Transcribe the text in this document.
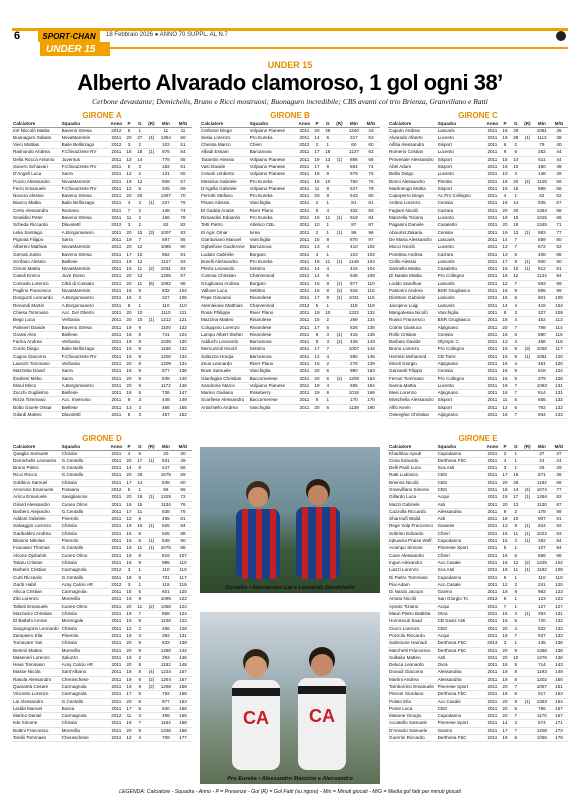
6	SPORT·CHAN	18 Febbraio 2026 ● ANNO 70 SUPPL. AL N.7
UNDER 15
UNDER 15
Alberto Alvarado clamoroso, 1 gol ogni 38’
Cerbone devastante; Demichelis, Bruno e Ricci mostruosi; Buonaguro incredibile; CBS avanti col trio Brienza, Granvillano e Ratti
GIRONE A
Calciatore	Squadra	Anno	P	G	(R)	Min	M/G
Iori Niccolò Mattia	Baveno Stresa	2012	5	1		11	11
Buonaguro Sabato	NovaMarentin	2011	20	27	(4)	1354	50
Vieci Mattias	Baile Bellinzago	2012	3	2		102	51
Raimondo Andrea	F.Chivazzese RV	2011	18	18	(1)	975	54
Della Rocca Antonio	Juventus	2011	13	14		778	55
Sacero Schiavari	F.Chivazzese RV	2011	5	3		182	61
D'Angeli Luca	Sarra	2011	12	2		131	65
Puzzo Alessandro	NovaMarentin	2011	19	12		808	67
Ferro Emanuele	F.Chivazzese RV	2011	12	5		345	69
Nocera Alessio	Baveno Stresa	2011	20	20		1397	70
Bianco Mattia	Baile Bellinzago	2011	4	3	(1)	227	76
Certo Alessandro	Romano	2011	7	2		148	74
Smaldini Peter	Baveno Stresa	2011	11	2		156	78
Scheda Riccardo	Dlavolettl	2012	3	2		82	82
Leka Santiago	A.Borgomanero	2011	20	15	(3)	1007	83
Pignata Filippo	Sarra	2011	19	7		597	85
Albertini Mathias	NovaMarentin	2011	20	12		1085	90
Gemati Justin	Baveno Stresa	2011	17	10		952	91
Scrifano Alessio	Biellese	2011	19	12		1127	93
Citroni Mattia	NovaMarentin	2011	18	11	(2)	1031	93
Casali Enrico	Juve Domo	2011	20	13		1265	97
Conrado Lorenzo	Città di Cossato	2011	20	11	(6)	1082	98
Paglino Francesco	NovaMarentin	2011	18	8		832	104
Donguzzi Leonardo	A.Borgomanero	2011	15	3		327	105
Renandi Martin	A.Borgomanero	2011	8	1		110	110
Chiesa Tommaso	Acc. Del Oberto	2011	20	10		1110	111
Bego Luca	Verbania	2011	20	10	(1)	1212	121
Palmieri Davide	Baveno Stresa	2011	19	9		1100	122
Grassi Alex	Biellese	2011	18	6		741	124
Farina Andrea	Verbania	2011	19	8		1036	130
Cordo Diego	Baile Bellinzago	2011	18	9		1166	132
Cagna Giacomo	F.Chivazzese RV	2011	19	9		1200	134
Lavezzi Tommaso	Verbania	2011	20	8		1209	134
Mazzetta David	Sarra	2011	18	5		677	135
Ibrahimi Mirko	Sarra	2011	20	8		838	140
Misul Mirco	A.Borgomanero	2011	20	8		1172	146
Zocchi Guglielmo	Biellese	2011	18	5		736	147
Rizza Tommaso	Acc. Inverunio	2011	8	3		448	149
Botto Gioele Ossar	Biellese	2011	13	3		466	155
Gilardi Matteo	Dlavolettl	2011	8	3		457	152
GIRONE B
Calciatore	Squadra	Anno	P	G	(R)	Min	M/G
Cerbone Diego	Volpiano Pianese	2011	20	29		1240	43
Sesia Lorenzo	Pro Eureka	2011	14	6		317	53
Chessa Marco	Chieri	2012	2	1		60	60
Alliadi Essam	Barcanova	2011	17	18		1137	63
Tarantini Alessio	Volpiano Pianese	2011	19	13	(1)	886	68
Vasi Davide	Volpiano Pianese	2011	17	9		664	74
Cesarii Umberto	Volpiano Pianese	2011	18	9		679	75
Messina Gabriele	Pro Eureka	2011	15	10		760	76
D'Agella Gabriele	Volpiano Pianese	2011	11	8		627	78
Ferrotti Stefano	Pro Eureka	2011	20	8		643	80
Pisani Alessio	Vanchiglia	2011	2	1		81	81
El Gadda Anass	River Plano	2011	6	4		332	83
Rimandini Edoardo	Pro Eureka	2011	16	11	(1)	919	84
Tetti Pietro	Atletico CBL	2011	10	1		87	87
El Agic Omar	Ivrea	2011	2	1	(1)	96	96
Gianturiano Manuel	Vanchiglia	2011	18	8		870	97
Ogbeifuse Guiderone	Barcanova	2011	13	4		410	102
Ludato Gabriele	Borgaro	2011	4	1		103	103
Borelli Alessandro	Pro Eureka	2011	19	11	(1)	1146	104
Pleiza Leonardo	Settimo	2011	14	4		416	104
Cosmai Christian	Charvensod	2012	14	6		648	108
Gruglioaso Andrea	Borgaro	2011	16	8	(1)	877	110
Vallone Luca	Settimo	2011	15	8	(2)	918	115
Pepe Giovanni	Rivarolese	2011	17	9	(1)	1031	115
Atemleiane Matthias	Charvensod	2012	5	1		119	119
Rossi Philippe	River Plano	2011	19	10		1322	132
Mazzina Matteo	Rivarolese	2011	15	2		269	134
Coluppino Lorenzo	Rivarolese	2011	17	6		826	138
Lampu Albert Stefan	Rivarolese	2011	8	3	(1)	416	139
Adduchi Leonardo	Barcanova	2011	9	3	(2)	428	143
Mercuzzoli Nicolò	Settimo	2011	17	7		1007	144
Saltuzza Horqia	Barcanova	2011	12	4		580	145
Zeus Leonardo	River Plano	2011	16	2		278	139
Bove Samuele	Vanchiglia	2011	20	6		980	163
Gianfagita Christian	Baccomerese	2011	20	6	(2)	1209	164
Sandrone Marco	Volpiano Pianese	2011	19	4		655	164
Marino Giuliano	Rokeberry	2011	19	6		1016	169
Scarfiese Alessandro	Baccomerese	2011	9	1		170	170
Antichiello Andrea	Vanchiglia	2011	20	6		1139	190
GIRONE C
Calciatore	Squadra	Anno	P	G	(R)	Min	M/G
Caputo Andrea	Lascaris	2011	18	29		1081	35
Alvarado Alberto	Lucento	2011	19	29	(1)	1113	38
Aifitia Alessandro	Sisport	2011	6	2		79	40
Romerio Cristian	Lucento	2011	9	6		262	44
Provenale Alessandro	Sisport	2011	15	14		611	44
Abel Adam	Sisport	2011	19	10		480	48
Bellio Diego	Lucento	2011	10	3		148	49
Bonni Alessandro	Pinotta	2011	18	20	(4)	1125	56
Martinengo Mattia	Sisport	2011	18	15		998	58
Capoperro Diego	Ac.Pro Collegno	2011	4	1		62	62
Ambra Lorenzo	Cenisia	2011	19	14		935	67
Fagiani Nicolò	Carrara	2011	20	20		1364	68
Manzella Tiziano	Lucento	2011	18	15		1025	68
Paganini Daniele	Casaletto	2011	20	19		1345	71
Aboumit Zakaria	Cenisia	2011	19	13	(1)	993	77
De Maria Alessandro	Lascaris	2011	14	7		559	80
Mucci Nicolò	Lucento	2011	13	7		572	82
Pomilina Andrea	Carrara	2011	13	5		408	88
Cirillo Alessio	Lascaris	2011	17	9	(1)	800	90
Sannella Mattia	Casaletto	2011	16	10	(1)	912	91
Di Natale Mattia	Pro Collegno	2011	18	12		1134	94
Loddo Sandhue	Lascaris	2011	12	7		693	99
Pastorini Andrea	BSR Grugliasco	2011	19	9		895	99
Direttore Gabriele	Lascaris	2011	15	6		601	100
Jacopino Luigi	Lascaris	2011	14	4		418	104
Mangolessa Nicolò	Vanchiglia	2011	8	3		327	109
Russo Francesco	BSR Grugliasco	2011	18	4		452	113
Cotrini Gianluca	Alpignano	2011	20	7		798	114
Rollo Cristian	Cenisia	2011	18	6		680	115
Barbuto Davide	Olympic C.	2011	13	4		466	116
Bruno Lorenzo	Pro Collegno	2011	19	9	(3)	1050	117
Hermisi Mohamed	CB Torre	2011	19	9	(1)	1081	120
Miceli Giorgio	Alpignano	2011	16	4		481	120
Garzaniti Filippo	Cenisia	2011	16	5		618	124
Ferrari Tommaso	Pro Collegno	2011	16	5		379	126
Sanna Mattia	Lucento	2011	19	7		1083	131
Mesi Lorenzo	Alpignano	2011	18	7		914	131
Moschella Alessandro	Sisport	2011	11	5		665	132
Alfio Kevin	Sisport	2011	12	6		792	132
Osieeghie Christian	Alpignano	2011	16	7		934	133
GIRONE D
Calciatore	Squadra	Anno	P	G	(R)	Min	M/G
Quaglia Samuele	Chisola	2011	4	5		20	30
Demichelis Leonardo	G.Centallo	2011	20	17	(1)	831	49
Bruno Pietro	G.Centallo	2011	14	8		447	56
Ricci Rocco	G.Centallo	2011	20	28		1575	59
Gobbino Samuel	Chisola	2011	17	14		838	60
Amoroso Emanuele	Fossano	2012	5	1		66	66
Arricu Emanuele	Savigliancse	2011	20	19	(1)	1329	72
Girard Alessandro	Cuneo Olmo	2011	19	15		1134	76
Barbero Alejandro	G.Centallo	2011	17	11		838	76
Addosi Gabriele	Pinerolo	2011	12	6		485	81
Salvaggio Lorenzo	Chisola	2011	19	10	(1)	825	84
Garibaldini Andrea	Chisola	2011	15	6		525	88
Blanino Nikolas	Pinerolo	2011	16	6	(1)	538	90
Fracasso Thomas	G.Centallo	2011	19	11	(1)	1075	98
Alcone Djubahiri	Cuneo Olmo	2011	19	8		816	107
Tataru Cristian	Chisola	2011	19	9		995	110
Barbero Cristian	Carmagnola	2012	3	1		110	110
Curti Riccardo	G.Centallo	2011	18	6		701	117
Garib Habil	Acsy Calcio AR	2012	3	1		119	119
Alicca Cristian	Carmagnola	2011	15	5		601	120
Zito Lorenzo	Morevilla	2011	19	9		1095	122
Tallarii Emanuele	Cuneo Olmo	2011	20	11	(2)	1358	123
Mazzarini Christian	Chisola	2011	19	7		868	124
El Battahi Amnar	Morengale	2011	18	9		1108	123
Sangregorio Leonardo	Chisola	2011	12	2		256	128
Zampieiro Elia	Pinerolo	2011	19	3		392	131
Tornavare Yari	Chisola	2011	20	6		833	139
Bertinii Matteo	Morevilla	2011	20	9		1280	142
Maseneri Lorenzo	Saluzzo	2011	15	2		293	146
Heas Tommaso	Acsy Calcio AR	2011	20	8		1182	148
Masse Nicola	Sant'Albano	2011	18	8	(4)	1234	157
Rasola Alessandro	Cheraschese	2011	19	8	(2)	1254	157
Quaranta Cesare	Carmagnola	2011	19	8	(2)	1268	158
Vinciotto Lorenzo	Carmagnola	2011	17	5		792	158
Lai Alessandro	G.Centallo	2011	20	6		977	163
Ledda Manuel	Busca	2011	17	5		830	166
Marino Daniel	Carmagnola	2012	11	3		498	166
Iele Simone	Chisola	2011	19	7		1164	166
Bottini Francesco	Morevilla	2011	20	8		1336	166
Tardiii Tommaso	Cheraschese	2011	12	4		709	177
GIRONE E
Calciatore	Squadra	Anno	P	G	(R)	Min	M/G
Khadrilau Ajoub	Capodanno	2011	2	1		37	37
Cirsa Edoardo	Derthona FbC	2011	4	1		24	24
Delli Paoli Luca	Sca Asti	2011	3	1		29	29
Ratti Ludovico	CBS	2011	17	18		671	36
Brienza Nicolò	CBS	2011	20	28		1192	66
Granvillano Simone	CBS	2011	18	14	(4)	1074	77
Gillardo Luca	Acqui	2011	19	17	(1)	1394	82
Mazzi Gabriele	Asti	2011	20	13		1130	87
Cazzolla Riccardo	Alessandria	2011	9	2		178	89
Sharroufi Walid	Asti	2011	18	10		907	91
Rege Volp Francesco	Gaviese	2011	13	9	(1)	824	92
Sobrino Edoardo	Chieri	2011	16	11	(1)	1022	93
Iqbuama Praise Wolf	Capodanno	2011	15	3	(1)	282	94
Acampo Simone	Pinerese Sport	2011	5	1		107	94
Cane Alessandro	Chieri	2011	16	6		586	98
Inguri Alexandro	Acc.Casale	2011	19	12	(2)	1225	102
Liazzi Lorenzo	Sca Asti	2011	18	11	(1)	1192	108
Di Pietro Tommaso	Capodanno	2011	6	1		110	110
Piai Adam	Acc.Casale	2011	12	2		241	120
Di Nardo Jacopo	Gavino	2011	18	8		983	123
Amato Nicolò	San Giorgio To	2012	6	1		123	123
Aprato Tiziano	Acqui	2011	7	1		127	127
Mauri Pietro Battista	Ovra	2011	15	3	(1)	393	131
Hommouti Saad	CB Saviz Asti	2011	16	5		720	132
Ciucci Lorenzo	CBS	2011	20	4		532	133
Pozzolo Riccardo	Acqui	2011	19	7		937	133
Salmoune Hamadi	Derthona FbC	2013	3	1		135	135
Marchetti Francesco	Derthona FbC	2011	20	9		1366	138
Sulkaku Matteo	Asti	2011	20	10		1376	138
Deluca Leonardo	Ovra	2011	16	5		714	143
Donadi Giacomo	Alessandria	2011	19	8		1193	149
Martini Andrea	Alessandria	2011	19	8		1202	150
Tamborrino Emanuele	Pinerese Sport	2011	20	7		1057	151
Pieroni Giordano	Derthona FbC	2011	18	6		917	153
Polato Elia	Acc.Casale	2011	20	9	(1)	1383	154
Ponte Luca	CBS	2011	20	5		786	157
Masone Giorgio	Capodanno	2011	20	7		1170	167
Accatello Samuele	Pinerese Sport	2011	14	3		574	171
D'Amario Samuele	Gavino	2011	17	7		1208	173
Guerrini Riccardo	Derthona FbC	2011	19	6		1066	178
Centallo • Alessandro Lai e Leonardo Demichelis
CA CA
Pro Eureka • Alessandro Mancino e Alessandro
LEGENDA: Calciatore - Squadra - Anno - P = Presenze - Gol (R) = Gol Fatti (su rigore) - Min = Minuti giocati - M/G = Media gol fatti per minuti giocati
